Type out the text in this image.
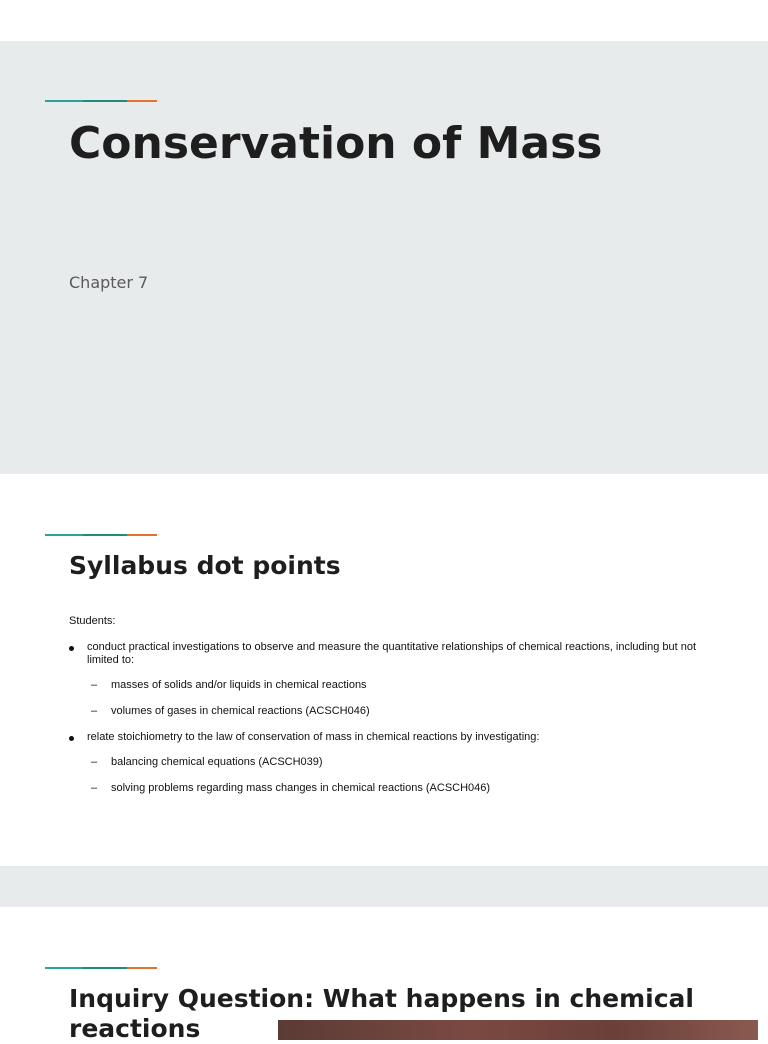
Conservation of Mass

Chapter 7

Syllabus dot points

Students:

conduct practical investigations to observe and measure the quantitative relationships of chemical reactions, including but not limited to:
– masses of solids and/or liquids in chemical reactions
– volumes of gases in chemical reactions (ACSCH046)
relate stoichiometry to the law of conservation of mass in chemical reactions by investigating:
– balancing chemical equations (ACSCH039)
– solving problems regarding mass changes in chemical reactions (ACSCH046)
Inquiry Question: What happens in chemical reactions
